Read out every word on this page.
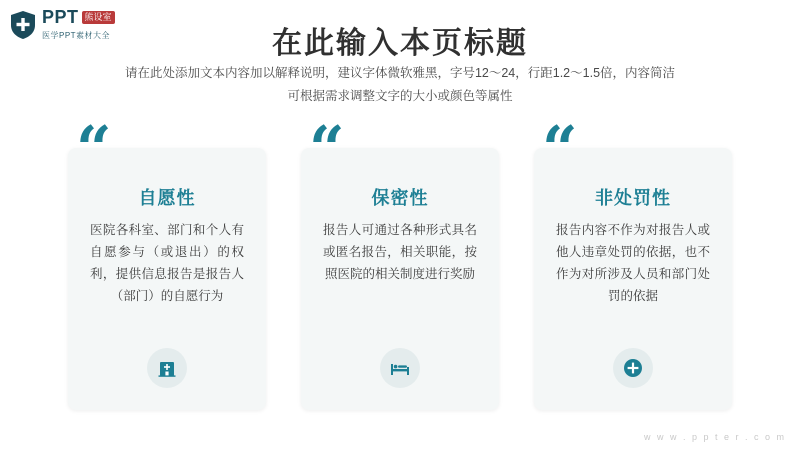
PPT 熊设室
医学PPT素材大全	在此输入本页标题
请在此处添加文本内容加以解释说明，建议字体微软雅黑，字号12～24，行距1.2～1.5倍，内容简洁
可根据需求调整文字的大小或颜色等属性
“
自愿性
医院各科室、部门和个人有自愿参与（或退出）的权利，提供信息报告是报告人（部门）的自愿行为
“
保密性
报告人可通过各种形式具名或匿名报告，相关职能，按照医院的相关制度进行奖励
“
非处罚性
报告内容不作为对报告人或他人违章处罚的依据，也不作为对所涉及人员和部门处罚的依据
w w w . p p t e r . c o m
